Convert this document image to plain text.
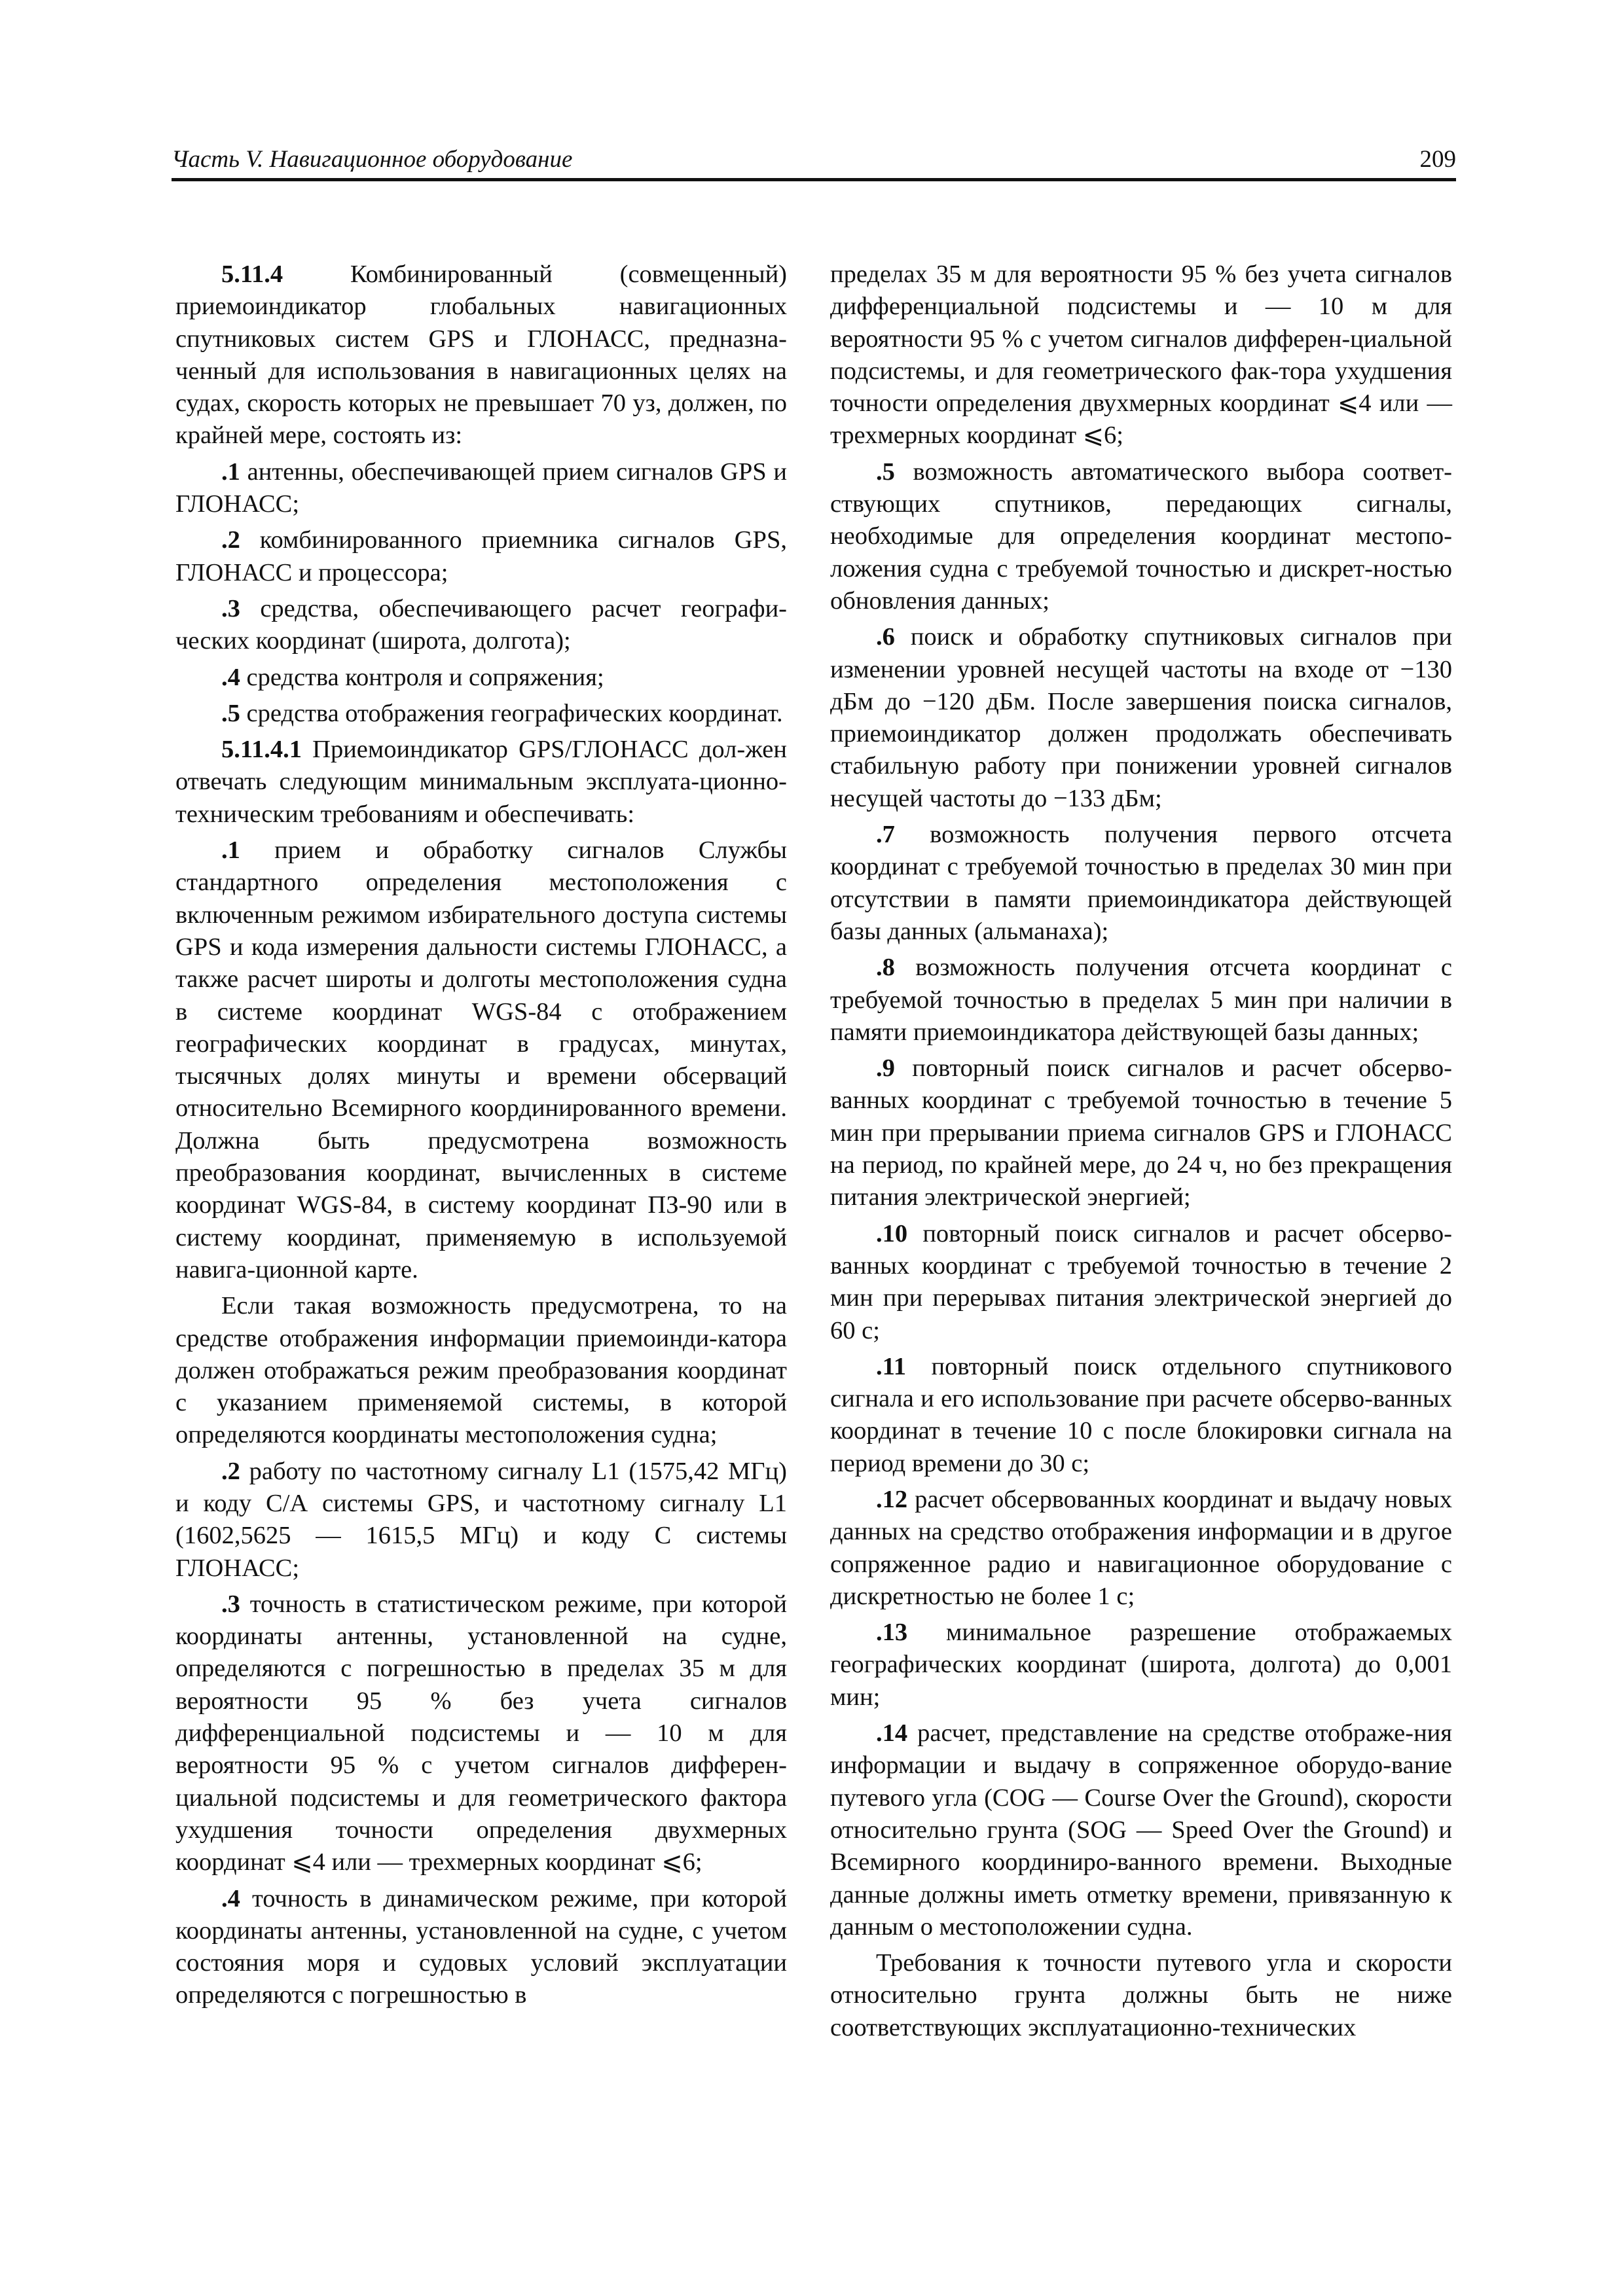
Часть V. Навигационное оборудование	209

5.11.4 Комбинированный (совмещенный) приемоиндикатор глобальных навигационных спутниковых систем GPS и ГЛОНАСС, предназна-ченный для использования в навигационных целях на судах, скорость которых не превышает 70 уз, должен, по крайней мере, состоять из:

.1 антенны, обеспечивающей прием сигналов GPS и ГЛОНАСС;

.2 комбинированного приемника сигналов GPS, ГЛОНАСС и процессора;

.3 средства, обеспечивающего расчет географи-ческих координат (широта, долгота);

.4 средства контроля и сопряжения;

.5 средства отображения географических координат.

5.11.4.1 Приемоиндикатор GPS/ГЛОНАСС дол-жен отвечать следующим минимальным эксплуата-ционно-техническим требованиям и обеспечивать:

.1 прием и обработку сигналов Службы стандартного определения местоположения с включенным режимом избирательного доступа системы GPS и кода измерения дальности системы ГЛОНАСС, а также расчет широты и долготы местоположения судна в системе координат WGS-84 с отображением географических координат в градусах, минутах, тысячных долях минуты и времени обсерваций относительно Всемирного координированного времени. Должна быть предусмотрена возможность преобразования координат, вычисленных в системе координат WGS-84, в систему координат ПЗ-90 или в систему координат, применяемую в используемой навига-ционной карте.

Если такая возможность предусмотрена, то на средстве отображения информации приемоинди-катора должен отображаться режим преобразования координат с указанием применяемой системы, в которой определяются координаты местоположения судна;

.2 работу по частотному сигналу L1 (1575,42 МГц) и коду С/А системы GPS, и частотному сигналу L1 (1602,5625 — 1615,5 МГц) и коду С системы ГЛОНАСС;

.3 точность в статистическом режиме, при которой координаты антенны, установленной на судне, определяются с погрешностью в пределах 35 м для вероятности 95 % без учета сигналов дифференциальной подсистемы и — 10 м для вероятности 95 % с учетом сигналов дифферен-циальной подсистемы и для геометрического фактора ухудшения точности определения двухмерных координат ⩽4 или — трехмерных координат ⩽6;

.4 точность в динамическом режиме, при которой координаты антенны, установленной на судне, с учетом состояния моря и судовых условий эксплуатации определяются с погрешностью в

пределах 35 м для вероятности 95 % без учета сигналов дифференциальной подсистемы и — 10 м для вероятности 95 % с учетом сигналов дифферен-циальной подсистемы, и для геометрического фак-тора ухудшения точности определения двухмерных координат ⩽4 или — трехмерных координат ⩽6;

.5 возможность автоматического выбора соответ-ствующих спутников, передающих сигналы, необходимые для определения координат местопо-ложения судна с требуемой точностью и дискрет-ностью обновления данных;

.6 поиск и обработку спутниковых сигналов при изменении уровней несущей частоты на входе от −130 дБм до −120 дБм. После завершения поиска сигналов, приемоиндикатор должен продолжать обеспечивать стабильную работу при понижении уровней сигналов несущей частоты до −133 дБм;

.7 возможность получения первого отсчета координат с требуемой точностью в пределах 30 мин при отсутствии в памяти приемоиндикатора действующей базы данных (альманаха);

.8 возможность получения отсчета координат с требуемой точностью в пределах 5 мин при наличии в памяти приемоиндикатора действующей базы данных;

.9 повторный поиск сигналов и расчет обсерво-ванных координат с требуемой точностью в течение 5 мин при прерывании приема сигналов GPS и ГЛОНАСС на период, по крайней мере, до 24 ч, но без прекращения питания электрической энергией;

.10 повторный поиск сигналов и расчет обсерво-ванных координат с требуемой точностью в течение 2 мин при перерывах питания электрической энергией до 60 с;

.11 повторный поиск отдельного спутникового сигнала и его использование при расчете обсерво-ванных координат в течение 10 с после блокировки сигнала на период времени до 30 с;

.12 расчет обсервованных координат и выдачу новых данных на средство отображения информации и в другое сопряженное радио и навигационное оборудование с дискретностью не более 1 с;

.13 минимальное разрешение отображаемых географических координат (широта, долгота) до 0,001 мин;

.14 расчет, представление на средстве отображе-ния информации и выдачу в сопряженное оборудо-вание путевого угла (COG — Course Over the Ground), скорости относительно грунта (SOG — Speed Over the Ground) и Всемирного координиро-ванного времени. Выходные данные должны иметь отметку времени, привязанную к данным о местоположении судна.

Требования к точности путевого угла и скорости относительно грунта должны быть не ниже соответствующих эксплуатационно-технических
